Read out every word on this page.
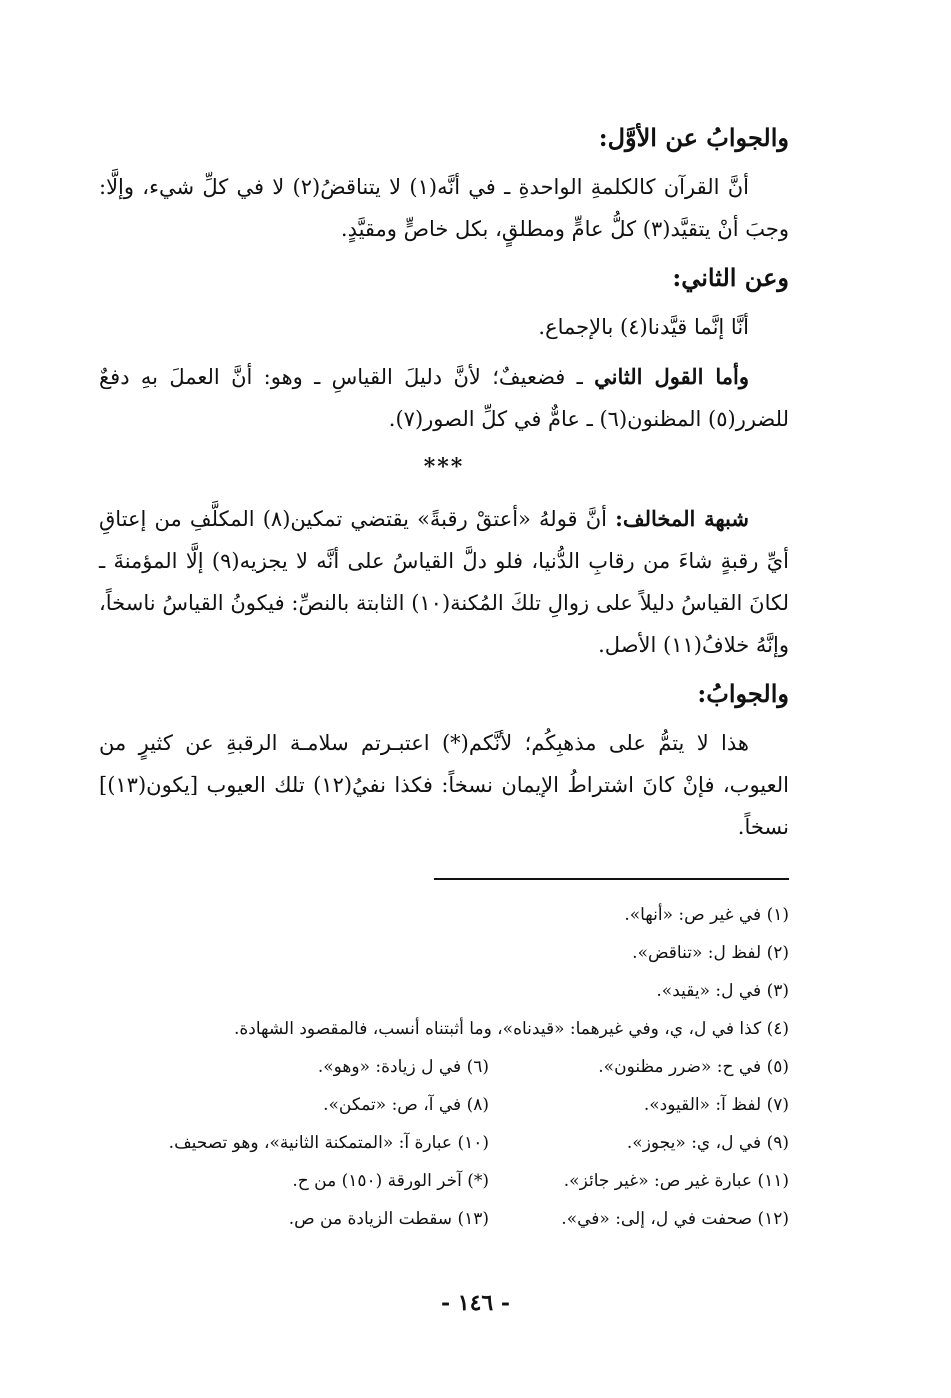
والجوابُ عن الأوَّل:

أنَّ القرآن كالكلمةِ الواحدةِ ـ في أنَّه(١) لا يتناقضُ(٢) لا في كلِّ شيء، وإلَّا: وجبَ أنْ يتقيَّد(٣) كلُّ عامٍّ ومطلقٍ، بكل خاصٍّ ومقيَّدٍ.

وعن الثاني:

أنَّا إنَّما قيَّدنا(٤) بالإجماع.

وأما القول الثاني ـ فضعيفٌ؛ لأنَّ دليلَ القياسِ ـ وهو: أنَّ العملَ بهِ دفعٌ للضرر(٥) المظنون(٦) ـ عامٌّ في كلِّ الصور(٧).

***

شبهة المخالف: أنَّ قولهُ «أعتقْ رقبةً» يقتضي تمكين(٨) المكلَّفِ من إعتاقِ أيِّ رقبةٍ شاءَ من رقابِ الدُّنيا، فلو دلَّ القياسُ على أنَّه لا يجزيه(٩) إلَّا المؤمنةَ ـ لكانَ القياسُ دليلاً على زوالِ تلكَ المُكنة(١٠) الثابتة بالنصِّ: فيكونُ القياسُ ناسخاً، وإنَّهُ خلافُ(١١) الأصل.

والجوابُ:

هذا لا يتمُّ على مذهبِكُم؛ لأنَّكم(*) اعتبـرتم سلامـة الرقبةِ عن كثيرٍ من العيوب، فإنْ كانَ اشتراطُ الإيمان نسخاً: فكذا نفيُ(١٢) تلك العيوب [يكون(١٣)] نسخاً.

(١) في غير ص: «أنها».
(٢) لفظ ل: «تناقض».
(٣) في ل: «يقيد».
(٤) كذا في ل، ي، وفي غيرهما: «قيدناه»، وما أثبتناه أنسب، فالمقصود الشهادة.
(٥) في ح: «ضرر مظنون».
(٦) في ل زيادة: «وهو».
(٧) لفظ آ: «القيود».
(٨) في آ، ص: «تمكن».
(٩) في ل، ي: «يجوز».
(١٠) عبارة آ: «المتمكنة الثانية»، وهو تصحيف.
(١١) عبارة غير ص: «غير جائز».
(*) آخر الورقة (١٥٠) من ح.
(١٢) صحفت في ل، إلى: «في».
(١٣) سقطت الزيادة من ص.
- ١٤٦ -
